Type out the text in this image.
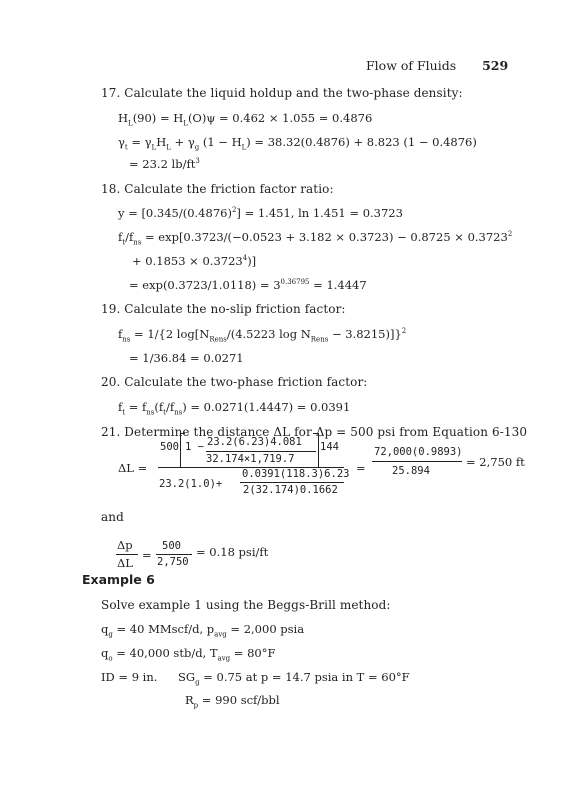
Flow of Fluids 529
17. Calculate the liquid holdup and the two-phase density:
$H_L(90) = H_L(O)\psi = 0.462 \times 1.055 = 0.4876$
$\gamma_t = \gamma_LH_L + \gamma_g$ $(1 - H_L) = 38.32(0.4876) + 8.823$ (1 − 0.4876)
= 23.2 $lb/ft^3$
18. Calculate the friction factor ratio:
$y = [0.345/(0.4876)^2] = 1.451$, ln 1.451 = 0.3723
$f_t/f_{ns} = \exp[0.3723/(-0.0523 + 3.182 \times 0.3723) - 0.8725 \times 0.3723^2$
+ $0.1853 \times 0.3723^4$)]
= $\exp(0.3723/1.0118) = 3^{0.36795} = 1.4447$
19. Calculate the no-slip friction factor:
$f_{ns} = 1/\{2$ $\log[N_{Rens}/(4.5223$ $\log N_{Rens} - 3.8215)]\}^2$
= 1/36.84 = 0.0271
20. Calculate the two-phase friction factor:
$f_t = f_{ns}(f_t/f_{ns}) = 0.0271(1.4447) = 0.0391$
21. Determine the distance ΔL for Δp = 500 psi from Equation 6-130
ΔL =
500 1 − 23.2(6.23)4.081
32.174×1,719.7
144
23.2(1.0)+
0.0391(118.3)6.23
2(32.174)0.1662
=
72,000(0.9893)
25.894
= 2,750 ft
and
Δp
ΔL
=
500
2,750
= 0.18 psi/ft
Example 6
Solve example 1 using the Beggs-Brill method:
$q_g = 40$ MMscf/d, $p_{avg} = 2,000$ psia
$q_o = 40,000$ stb/d, $T_{avg} = 80^\circ F$
ID = 9 in. $SG_g = 0.75$ at p = 14.7 psia in T = 60°F
$R_p = 990$ scf/bbl
